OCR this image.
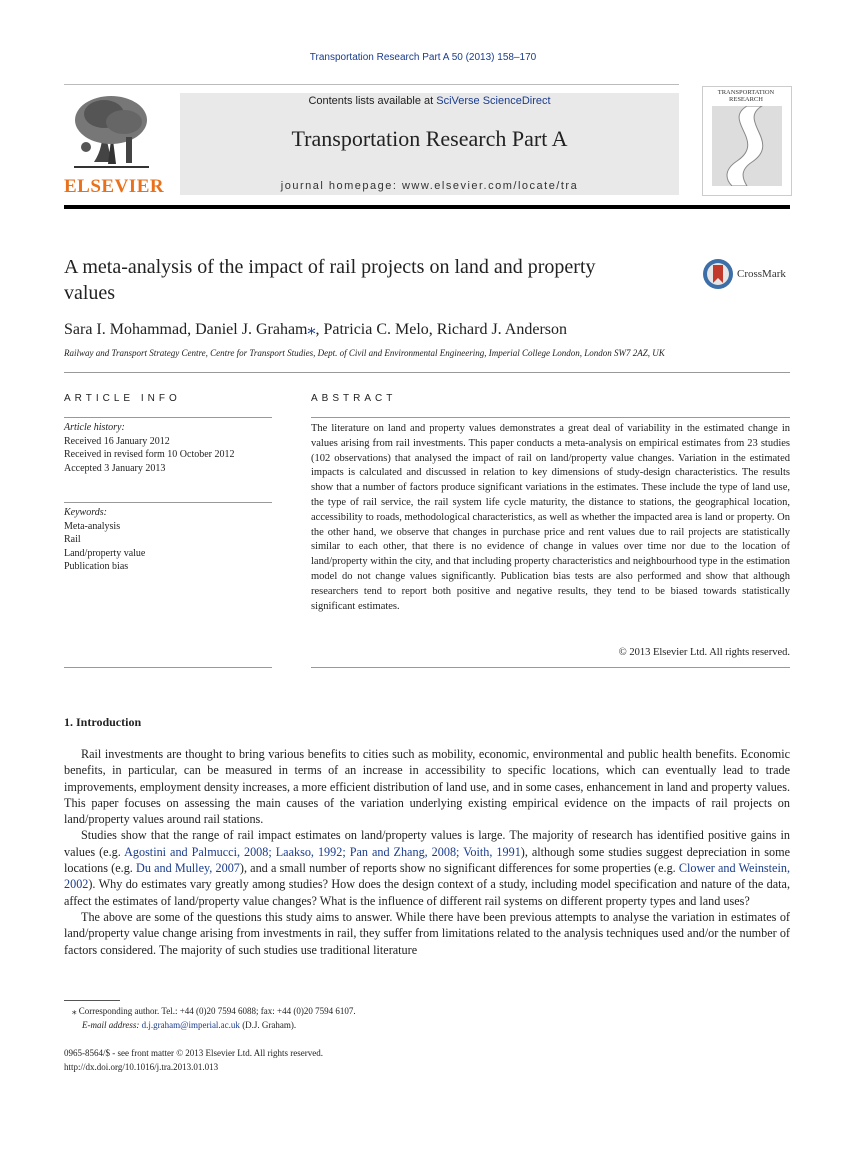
Transportation Research Part A 50 (2013) 158–170
ELSEVIER
Contents lists available at SciVerse ScienceDirect
Transportation Research Part A
journal homepage: www.elsevier.com/locate/tra
TRANSPORTATION
RESEARCH
A meta-analysis of the impact of rail projects on land and property values
CrossMark
Sara I. Mohammad, Daniel J. Graham⁎, Patricia C. Melo, Richard J. Anderson
Railway and Transport Strategy Centre, Centre for Transport Studies, Dept. of Civil and Environmental Engineering, Imperial College London, London SW7 2AZ, UK
ARTICLE INFO
Article history:
Received 16 January 2012
Received in revised form 10 October 2012
Accepted 3 January 2013
Keywords:
Meta-analysis
Rail
Land/property value
Publication bias
ABSTRACT
The literature on land and property values demonstrates a great deal of variability in the estimated change in values arising from rail investments. This paper conducts a meta-analysis on empirical estimates from 23 studies (102 observations) that analysed the impact of rail on land/property value changes. Variation in the estimated impacts is calculated and discussed in relation to key dimensions of study-design characteristics. The results show that a number of factors produce significant variations in the estimates. These include the type of land use, the type of rail service, the rail system life cycle maturity, the distance to stations, the geographical location, accessibility to roads, methodological characteristics, as well as whether the impacted area is land or property. On the other hand, we observe that changes in purchase price and rent values due to rail projects are statistically similar to each other, that there is no evidence of change in values over time nor due to the location of land/property within the city, and that including property characteristics and neighbourhood type in the estimation model do not change values significantly. Publication bias tests are also performed and show that although researchers tend to report both positive and negative results, they tend to be biased towards statistically significant estimates.
© 2013 Elsevier Ltd. All rights reserved.
1. Introduction

Rail investments are thought to bring various benefits to cities such as mobility, economic, environmental and public health benefits. Economic benefits, in particular, can be measured in terms of an increase in accessibility to specific locations, which can eventually lead to trade improvements, employment density increases, a more efficient distribution of land use, and in some cases, enhancement in land and property values. This paper focuses on assessing the main causes of the variation underlying existing empirical evidence on the impacts of rail projects on land/property values around rail stations.

Studies show that the range of rail impact estimates on land/property values is large. The majority of research has identified positive gains in values (e.g. Agostini and Palmucci, 2008; Laakso, 1992; Pan and Zhang, 2008; Voith, 1991), although some studies suggest depreciation in some locations (e.g. Du and Mulley, 2007), and a small number of reports show no significant differences for some properties (e.g. Clower and Weinstein, 2002). Why do estimates vary greatly among studies? How does the design context of a study, including model specification and nature of the data, affect the estimates of land/property value changes? What is the influence of different rail systems on different property types and land uses?

The above are some of the questions this study aims to answer. While there have been previous attempts to analyse the variation in estimates of land/property value change arising from investments in rail, they suffer from limitations related to the analysis techniques used and/or the number of factors considered. The majority of such studies use traditional literature

⁎ Corresponding author. Tel.: +44 (0)20 7594 6088; fax: +44 (0)20 7594 6107.
E-mail address: d.j.graham@imperial.ac.uk (D.J. Graham).
0965-8564/$ - see front matter © 2013 Elsevier Ltd. All rights reserved.
http://dx.doi.org/10.1016/j.tra.2013.01.013
